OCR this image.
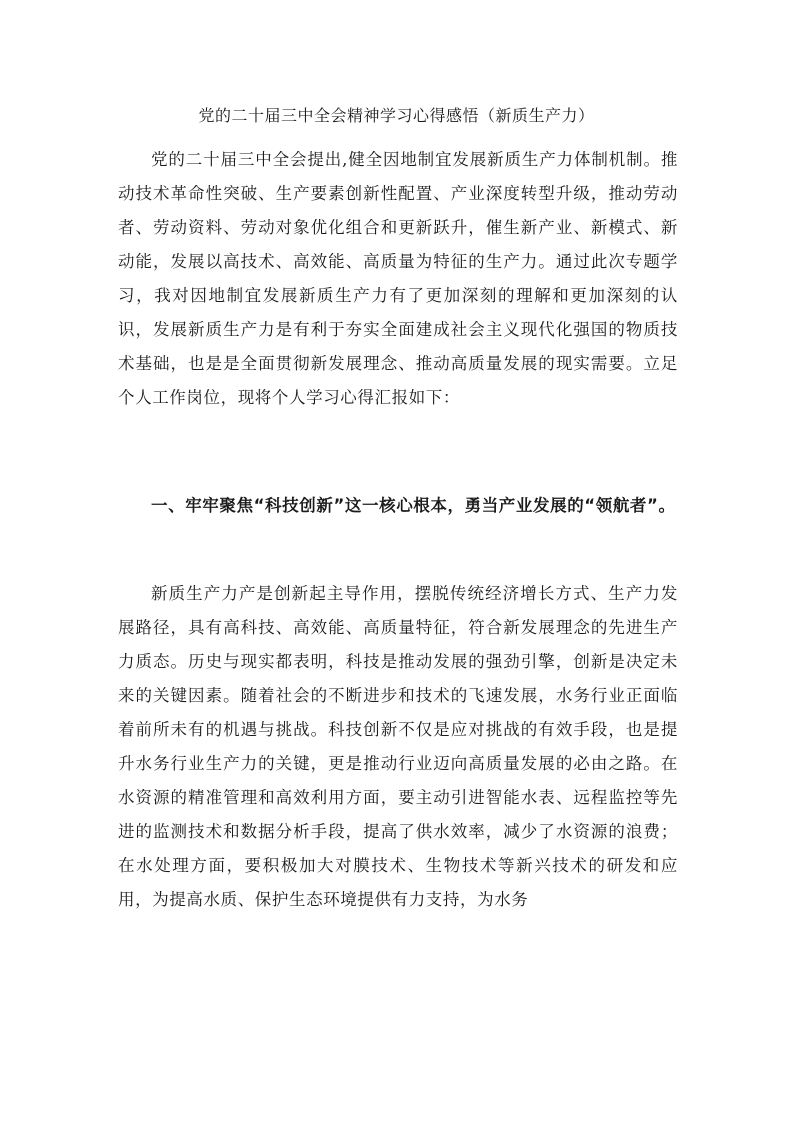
党的二十届三中全会精神学习心得感悟（新质生产力）

党的二十届三中全会提出,健全因地制宜发展新质生产力体制机制。推动技术革命性突破、生产要素创新性配置、产业深度转型升级，推动劳动者、劳动资料、劳动对象优化组合和更新跃升，催生新产业、新模式、新动能，发展以高技术、高效能、高质量为特征的生产力。通过此次专题学习，我对因地制宜发展新质生产力有了更加深刻的理解和更加深刻的认识，发展新质生产力是有利于夯实全面建成社会主义现代化强国的物质技术基础，也是是全面贯彻新发展理念、推动高质量发展的现实需要。立足个人工作岗位，现将个人学习心得汇报如下：

一、牢牢聚焦“科技创新”这一核心根本，勇当产业发展的“领航者”。

新质生产力产是创新起主导作用，摆脱传统经济增长方式、生产力发展路径，具有高科技、高效能、高质量特征，符合新发展理念的先进生产力质态。历史与现实都表明，科技是推动发展的强劲引擎，创新是决定未来的关键因素。随着社会的不断进步和技术的飞速发展，水务行业正面临着前所未有的机遇与挑战。科技创新不仅是应对挑战的有效手段，也是提升水务行业生产力的关键，更是推动行业迈向高质量发展的必由之路。在水资源的精准管理和高效利用方面，要主动引进智能水表、远程监控等先进的监测技术和数据分析手段，提高了供水效率，减少了水资源的浪费；在水处理方面，要积极加大对膜技术、生物技术等新兴技术的研发和应用，为提高水质、保护生态环境提供有力支持，为水务
